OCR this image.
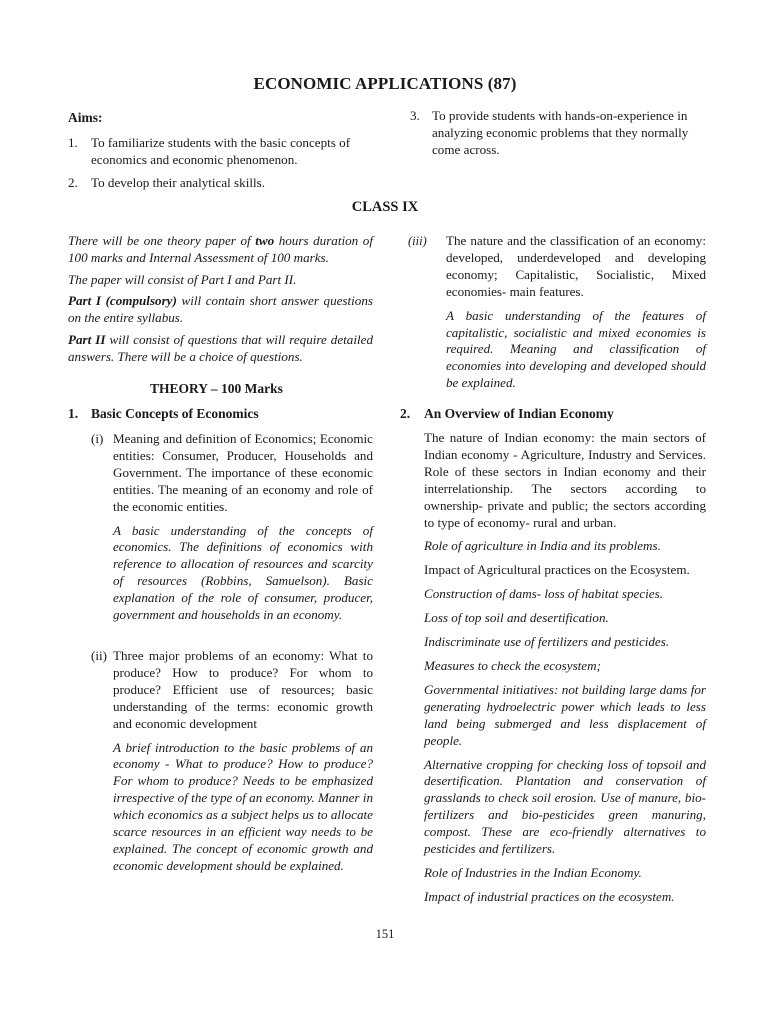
ECONOMIC APPLICATIONS (87)
Aims:
1. To familiarize students with the basic concepts of economics and economic phenomenon.
2. To develop their analytical skills.
3. To provide students with hands-on-experience in analyzing economic problems that they normally come across.
CLASS IX
There will be one theory paper of two hours duration of 100 marks and Internal Assessment of 100 marks.
The paper will consist of Part I and Part II.
Part I (compulsory) will contain short answer questions on the entire syllabus.
Part II will consist of questions that will require detailed answers. There will be a choice of questions.
THEORY – 100 Marks
1. Basic Concepts of Economics
(i) Meaning and definition of Economics; Economic entities: Consumer, Producer, Households and Government. The importance of these economic entities. The meaning of an economy and role of the economic entities.
A basic understanding of the concepts of economics. The definitions of economics with reference to allocation of resources and scarcity of resources (Robbins, Samuelson). Basic explanation of the role of consumer, producer, government and households in an economy.
(ii) Three major problems of an economy: What to produce? How to produce? For whom to produce? Efficient use of resources; basic understanding of the terms: economic growth and economic development
A brief introduction to the basic problems of an economy - What to produce? How to produce? For whom to produce? Needs to be emphasized irrespective of the type of an economy. Manner in which economics as a subject helps us to allocate scarce resources in an efficient way needs to be explained. The concept of economic growth and economic development should be explained.
(iii) The nature and the classification of an economy: developed, underdeveloped and developing economy; Capitalistic, Socialistic, Mixed economies- main features.
A basic understanding of the features of capitalistic, socialistic and mixed economies is required. Meaning and classification of economies into developing and developed should be explained.
2. An Overview of Indian Economy
The nature of Indian economy: the main sectors of Indian economy - Agriculture, Industry and Services. Role of these sectors in Indian economy and their interrelationship. The sectors according to ownership- private and public; the sectors according to type of economy- rural and urban.
Role of agriculture in India and its problems.
Impact of Agricultural practices on the Ecosystem.
Construction of dams- loss of habitat species.
Loss of top soil and desertification.
Indiscriminate use of fertilizers and pesticides.
Measures to check the ecosystem;
Governmental initiatives: not building large dams for generating hydroelectric power which leads to less land being submerged and less displacement of people.
Alternative cropping for checking loss of topsoil and desertification. Plantation and conservation of grasslands to check soil erosion. Use of manure, bio-fertilizers and bio-pesticides green manuring, compost. These are eco-friendly alternatives to pesticides and fertilizers.
Role of Industries in the Indian Economy.
Impact of industrial practices on the ecosystem.
151
